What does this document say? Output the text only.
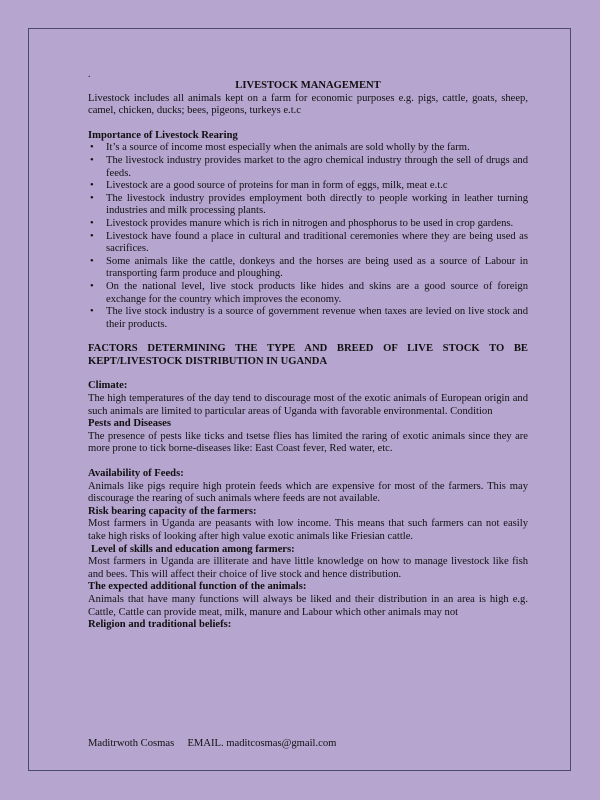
.
LIVESTOCK MANAGEMENT

Livestock includes all animals kept on a farm for economic purposes e.g. pigs, cattle, goats, sheep, camel, chicken, ducks; bees, pigeons, turkeys e.t.c

Importance of Livestock Rearing
• It’s a source of income most especially when the animals are sold wholly by the farm.
• The livestock industry provides market to the agro chemical industry through the sell of drugs and feeds.
• Livestock are a good source of proteins for man in form of eggs, milk, meat e.t.c
• The livestock industry provides employment both directly to people working in leather turning industries and milk processing plants.
• Livestock provides manure which is rich in nitrogen and phosphorus to be used in crop gardens.
• Livestock have found a place in cultural and traditional ceremonies where they are being used as sacrifices.
• Some animals like the cattle, donkeys and the horses are being used as a source of Labour in transporting farm produce and ploughing.
• On the national level, live stock products like hides and skins are a good source of foreign exchange for the country which improves the economy.
• The live stock industry is a source of government revenue when taxes are levied on live stock and their products.
FACTORS DETERMINING THE TYPE AND BREED OF LIVE STOCK TO BE KEPT/LIVESTOCK DISTRIBUTION IN UGANDA
Climate:

The high temperatures of the day tend to discourage most of the exotic animals of European origin and such animals are limited to particular areas of Uganda with favorable environmental. Condition

Pests and Diseases

The presence of pests like ticks and tsetse flies has limited the raring of exotic animals since they are more prone to tick borne-diseases like: East Coast fever, Red water, etc.

Availability of Feeds:

Animals like pigs require high protein feeds which are expensive for most of the farmers. This may discourage the rearing of such animals where feeds are not available.

Risk bearing capacity of the farmers:

Most farmers in Uganda are peasants with low income. This means that such farmers can not easily take high risks of looking after high value exotic animals like Friesian cattle.

Level of skills and education among farmers:

Most farmers in Uganda are illiterate and have little knowledge on how to manage livestock like fish and bees. This will affect their choice of live stock and hence distribution.

The expected additional function of the animals:

Animals that have many functions will always be liked and their distribution in an area is high e.g. Cattle, Cattle can provide meat, milk, manure and Labour which other animals may not

Religion and traditional beliefs:
Maditrwoth Cosmas     EMAIL. maditcosmas@gmail.com
